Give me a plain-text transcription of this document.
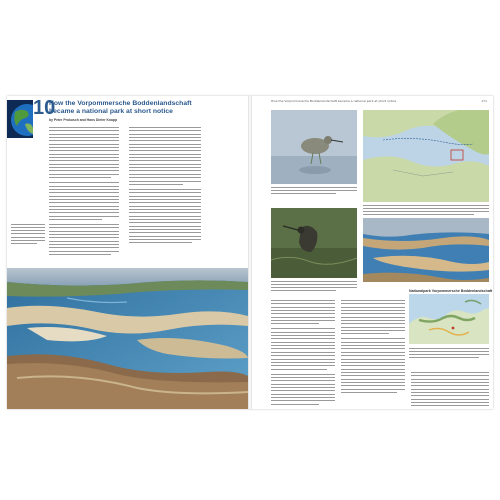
10
How the Vorpommersche Boddenlandschaft
became a national park at short notice
by Peter Prokosch and Hans Dieter Knapp
How the Vorpommersche Boddenlandschaft became a national park at short notice	171
Nationalpark Vorpommersche Boddenlandschaft
